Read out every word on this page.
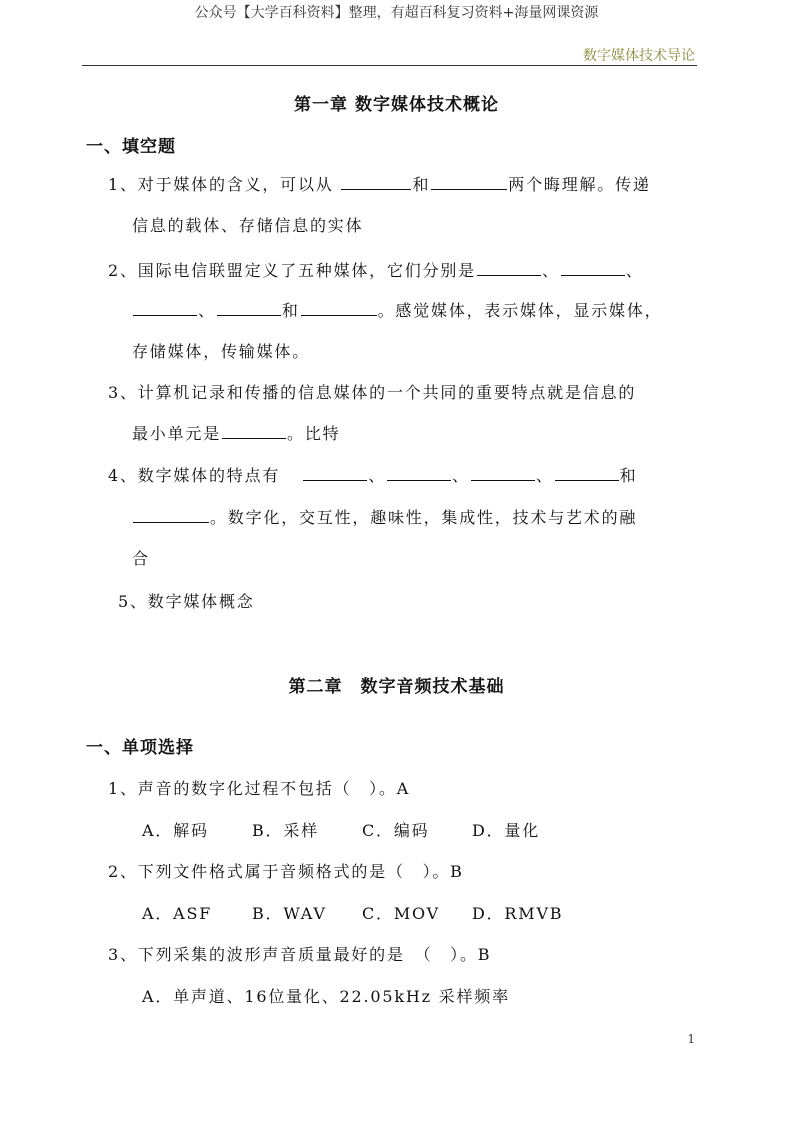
公众号【大学百科资料】整理，有超百科复习资料+海量网课资源
数字媒体技术导论
第一章 数字媒体技术概论
一、填空题
1、对于媒体的含义，可以从	和	两个晦理解。传递
信息的载体、存储信息的实体
2、国际电信联盟定义了五种媒体，它们分别是	、	、
、	和	。感觉媒体，表示媒体，显示媒体，
存储媒体，传输媒体。
3、计算机记录和传播的信息媒体的一个共同的重要特点就是信息的
最小单元是	。比特
4、数字媒体的特点有	、	、	、	和
。数字化，交互性，趣味性，集成性，技术与艺术的融
合
5、数字媒体概念
第二章　数字音频技术基础
一、单项选择
1、声音的数字化过程不包括（　）。A
A．解码	B．采样	C．编码	D．量化
2、下列文件格式属于音频格式的是（　）。B
A．ASF B．WAV C．MOV D．RMVB
3、下列采集的波形声音质量最好的是　（　）。B
A．单声道、16位量化、22.05kHz 采样频率
1
